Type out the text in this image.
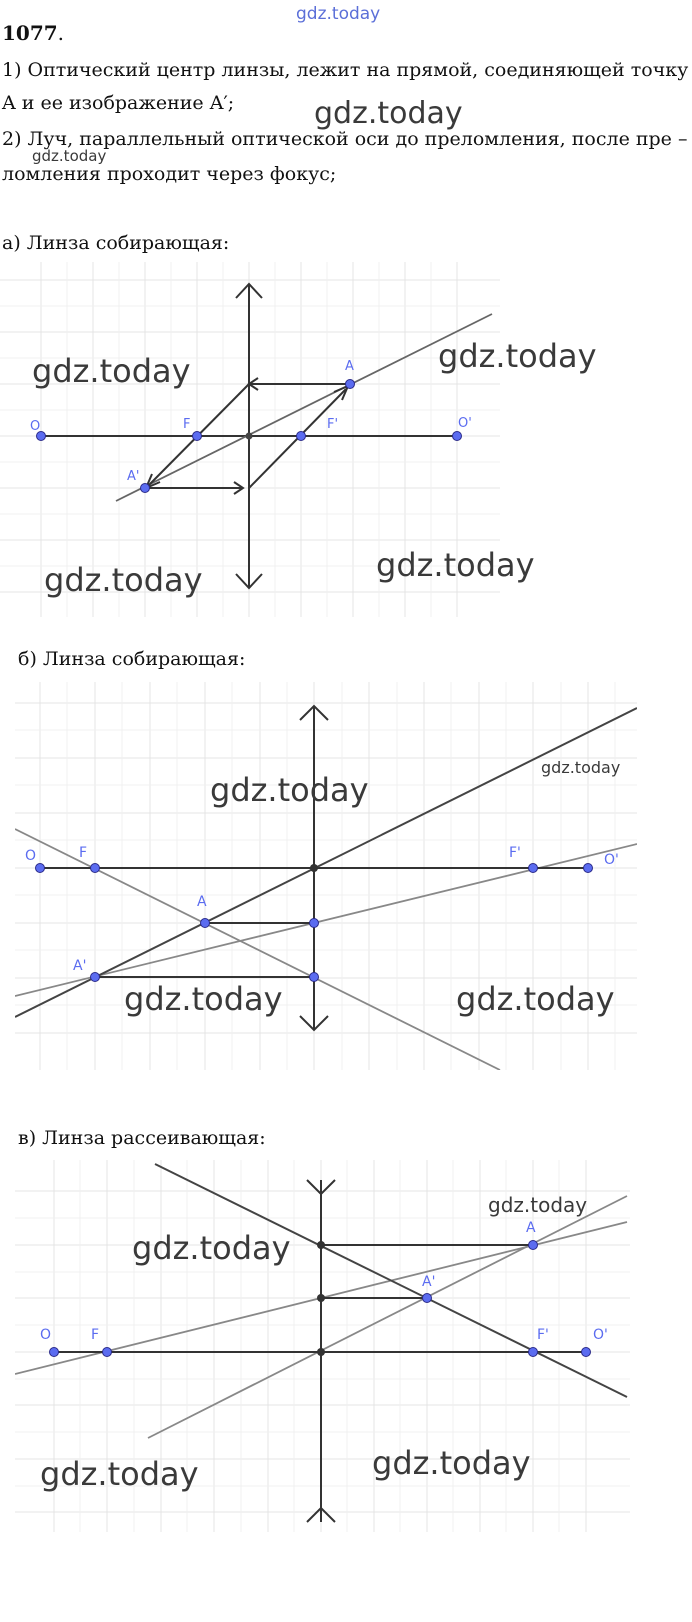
gdz.today
1077.
1) Оптический центр линзы, лежит на прямой, соединяющей точку
A и ее изображение A′;
2) Луч, параллельный оптической оси до преломления, после пре –
ломления проходит через фокус;
gdz.today
gdz.today
а) Линза собирающая:
O	F	F'	O'
A
A'
gdz.today	gdz.today
gdz.today	gdz.today
б) Линза собирающая:
O	F	F'	O'
A
A'
gdz.today
gdz.today
gdz.today	gdz.today
в) Линза рассеивающая:
O	F	F'	O'
A
A'
gdz.today
gdz.today
gdz.today	gdz.today
